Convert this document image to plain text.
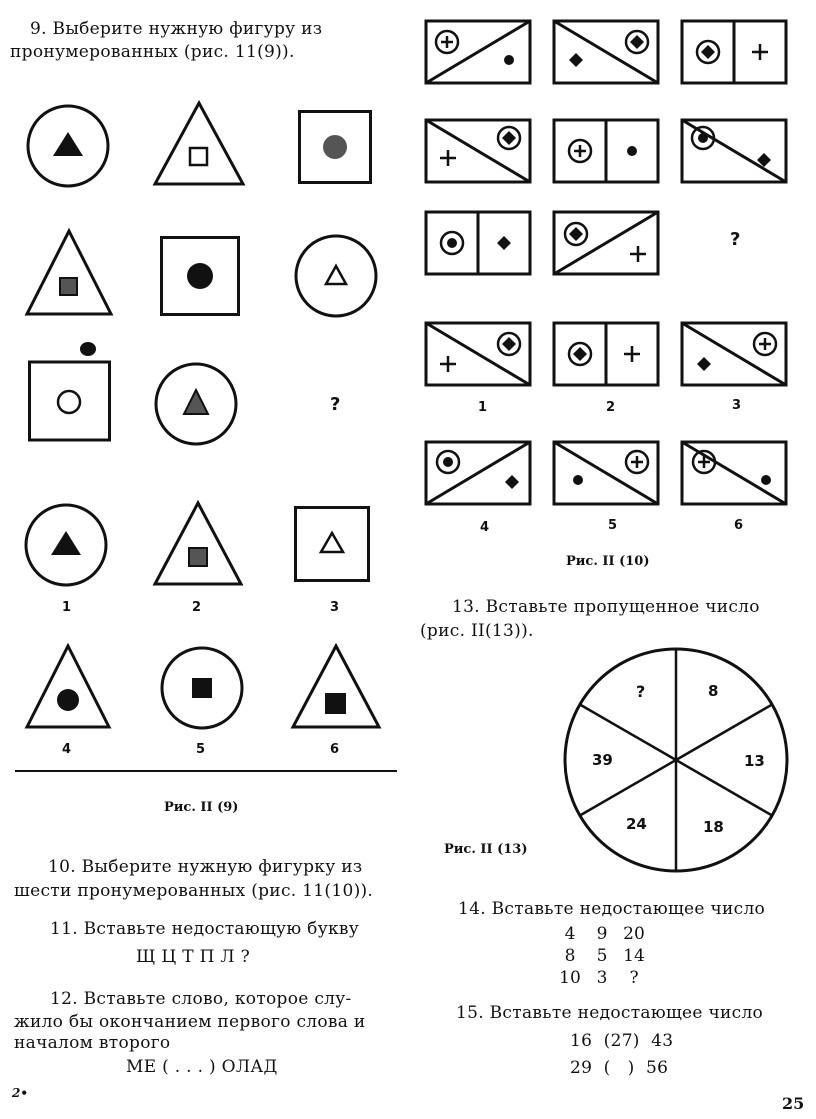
9. Выберите нужную фигуру из
пронумерованных (рис. 11(9)).
?
1	2	3
4	5	6
Рис. II (9)
?
1	2	3
4	5	6
Рис. II (10)
13. Вставьте пропущенное число
(рис. II(13)).
?	8
13
18
24
39
Рис. II (13)
10. Выберите нужную фигурку из
шести пронумерованных (рис. 11(10)).
11. Вставьте недостающую букву
Щ Ц Т П Л ?
12. Вставьте слово, которое слу-
жило бы окончанием первого слова и
началом второго
МЕ ( . . . ) ОЛАД
14. Вставьте недостающее число
4 9 20
8 5 14
10 3 ?
15. Вставьте недостающее число
16  (27)  43
29  (   )  56
2•
25
